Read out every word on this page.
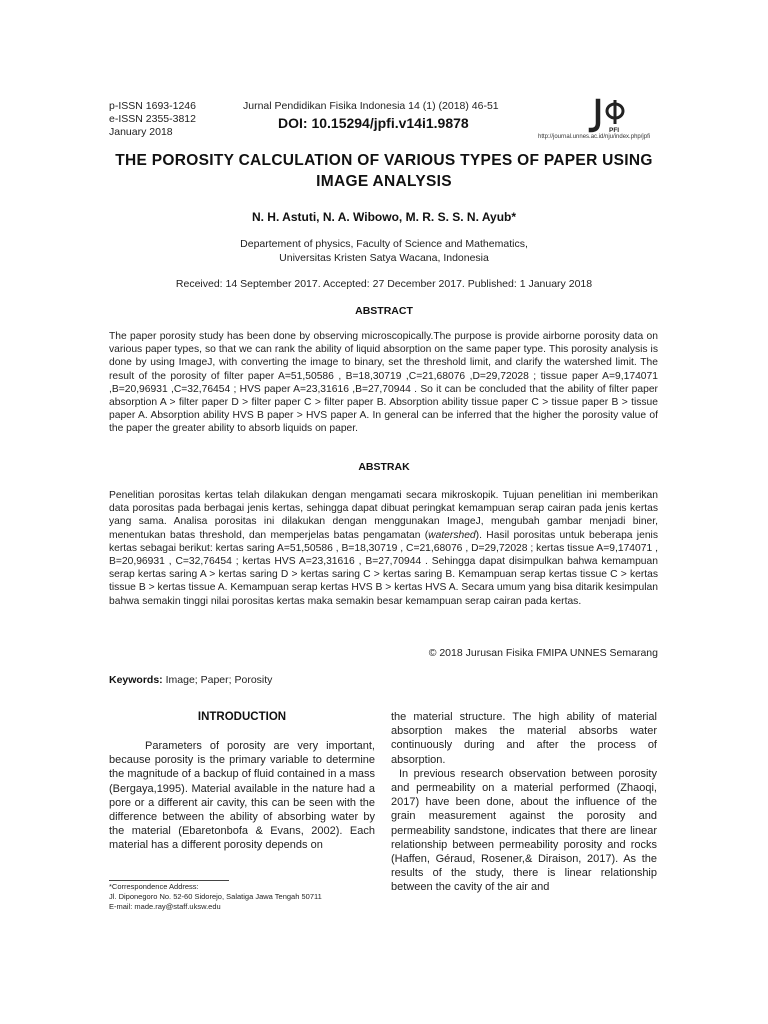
p-ISSN 1693-1246
e-ISSN 2355-3812
January 2018
Jurnal Pendidikan Fisika Indonesia 14 (1) (2018) 46-51
DOI: 10.15294/jpfi.v14i1.9878	PFI
http://journal.unnes.ac.id/nju/index.php/jpfi
THE POROSITY CALCULATION OF VARIOUS TYPES OF PAPER USING IMAGE ANALYSIS
N. H. Astuti, N. A. Wibowo, M. R. S. S. N. Ayub*
Departement of physics, Faculty of Science and Mathematics,
Universitas Kristen Satya Wacana, Indonesia
Received: 14 September 2017. Accepted: 27 December 2017. Published: 1 January 2018
ABSTRACT
The paper porosity study has been done by observing microscopically.The purpose is provide airborne porosity data on various paper types, so that we can rank the ability of liquid absorption on the same paper type. This porosity analysis is done by using ImageJ, with converting the image to binary, set the threshold limit, and clarify the watershed limit. The result of the porosity of filter paper A=51,50586 , B=18,30719 ,C=21,68076 ,D=29,72028 ; tissue paper A=9,174071 ,B=20,96931 ,C=32,76454 ; HVS paper A=23,31616 ,B=27,70944 . So it can be concluded that the ability of filter paper absorption A > filter paper D > filter paper C > filter paper B. Absorption ability tissue paper C > tissue paper B > tissue paper A. Absorption ability HVS B paper > HVS paper A. In general can be inferred that the higher the porosity value of the paper the greater ability to absorb liquids on paper.
ABSTRAK
Penelitian porositas kertas telah dilakukan dengan mengamati secara mikroskopik. Tujuan penelitian ini memberikan data porositas pada berbagai jenis kertas, sehingga dapat dibuat peringkat kemampuan serap cairan pada jenis kertas yang sama. Analisa porositas ini dilakukan dengan menggunakan ImageJ, mengubah gambar menjadi biner, menentukan batas threshold, dan memperjelas batas pengamatan (watershed). Hasil porositas untuk beberapa jenis kertas sebagai berikut: kertas saring A=51,50586 , B=18,30719 , C=21,68076 , D=29,72028 ; kertas tissue A=9,174071 , B=20,96931 , C=32,76454 ; kertas HVS A=23,31616 , B=27,70944 . Sehingga dapat disimpulkan bahwa kemampuan serap kertas saring A > kertas saring D > kertas saring C > kertas saring B. Kemampuan serap kertas tissue C > kertas tissue B > kertas tissue A. Kemampuan serap kertas HVS B > kertas HVS A. Secara umum yang bisa ditarik kesimpulan bahwa semakin tinggi nilai porositas kertas maka semakin besar kemampuan serap cairan pada kertas.
© 2018 Jurusan Fisika FMIPA UNNES Semarang
Keywords: Image; Paper; Porosity
INTRODUCTION

Parameters of porosity are very important, because porosity is the primary variable to determine the magnitude of a backup of fluid contained in a mass (Bergaya,1995). Material available in the nature had a pore or a different air cavity, this can be seen with the difference between the ability of absorbing water by the material (Ebaretonbofa & Evans, 2002). Each material has a different porosity depends on

the material structure. The high ability of material absorption makes the material absorbs water continuously during and after the process of absorption.

In previous research observation between porosity and permeability on a material performed (Zhaoqi, 2017) have been done, about the influence of the grain measurement against the porosity and permeability sandstone, indicates that there are linear relationship between permeability porosity and rocks (Haffen, Géraud, Rosener,& Diraison, 2017). As the results of the study, there is linear relationship between the cavity of the air and

*Correspondence Address:
Jl. Diponegoro No. 52-60 Sidorejo, Salatiga Jawa Tengah 50711
E-mail: made.ray@staff.uksw.edu
